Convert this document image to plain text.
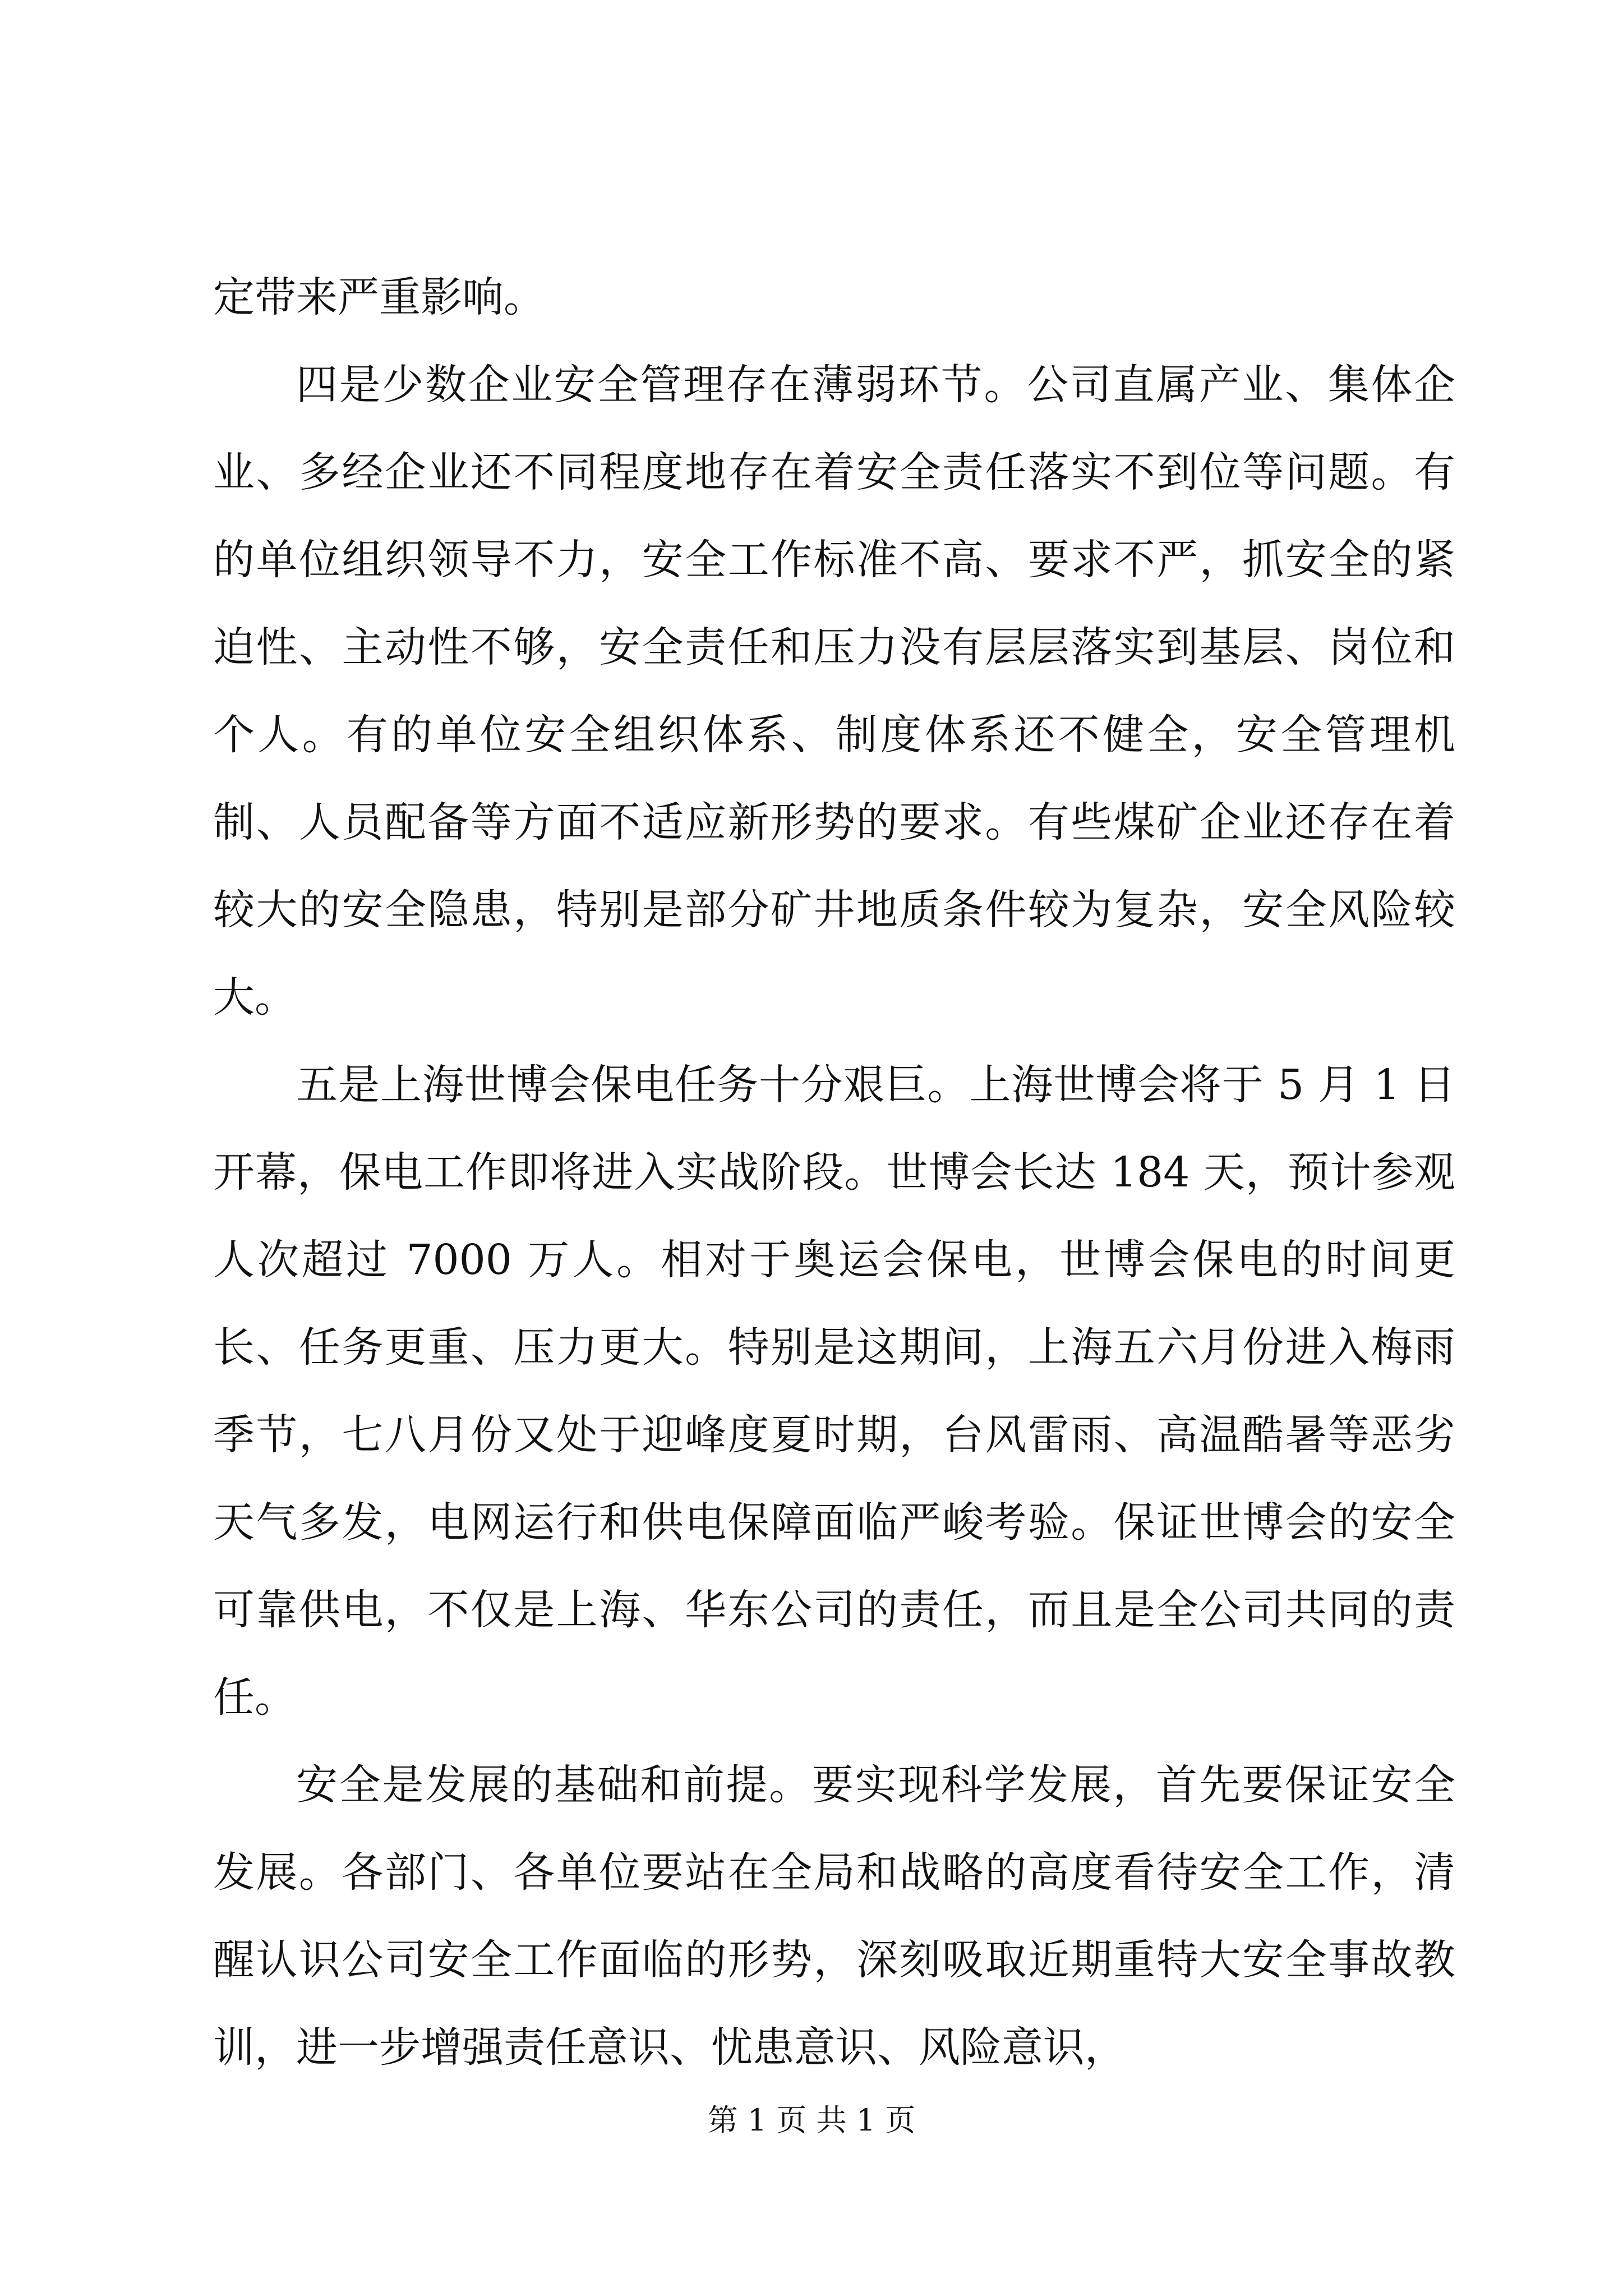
定带来严重影响。

四是少数企业安全管理存在薄弱环节。公司直属产业、集体企业、多经企业还不同程度地存在着安全责任落实不到位等问题。有的单位组织领导不力，安全工作标准不高、要求不严，抓安全的紧迫性、主动性不够，安全责任和压力没有层层落实到基层、岗位和个人。有的单位安全组织体系、制度体系还不健全，安全管理机制、人员配备等方面不适应新形势的要求。有些煤矿企业还存在着较大的安全隐患，特别是部分矿井地质条件较为复杂，安全风险较大。

五是上海世博会保电任务十分艰巨。上海世博会将于 5 月 1 日开幕，保电工作即将进入实战阶段。世博会长达 184 天，预计参观人次超过 7000 万人。相对于奥运会保电，世博会保电的时间更长、任务更重、压力更大。特别是这期间，上海五六月份进入梅雨季节，七八月份又处于迎峰度夏时期，台风雷雨、高温酷暑等恶劣天气多发，电网运行和供电保障面临严峻考验。保证世博会的安全可靠供电，不仅是上海、华东公司的责任，而且是全公司共同的责任。

安全是发展的基础和前提。要实现科学发展，首先要保证安全发展。各部门、各单位要站在全局和战略的高度看待安全工作，清醒认识公司安全工作面临的形势，深刻吸取近期重特大安全事故教训，进一步增强责任意识、忧患意识、风险意识，

第 1 页 共 1 页
